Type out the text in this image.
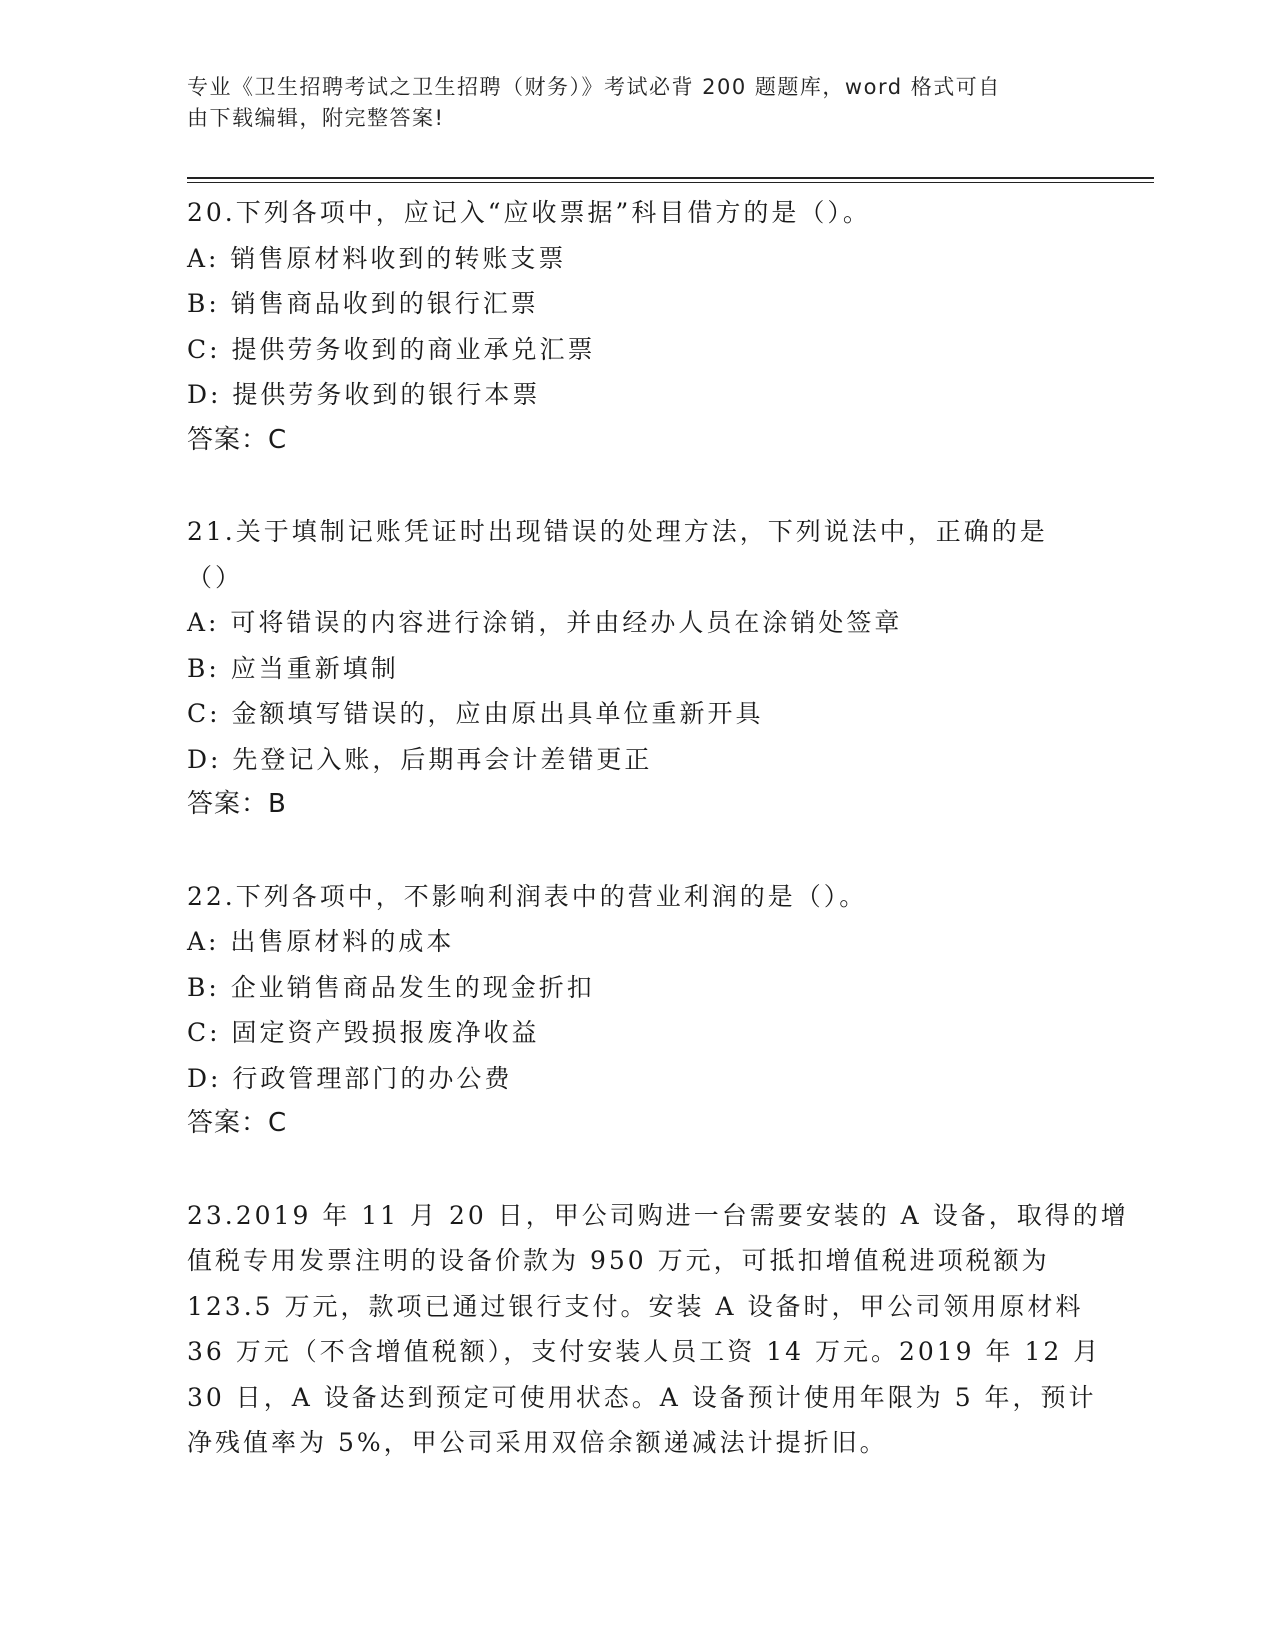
专业《卫生招聘考试之卫生招聘（财务）》考试必背 200 题题库，word 格式可自
由下载编辑，附完整答案!
20.下列各项中，应记入“应收票据”科目借方的是（）。
A: 销售原材料收到的转账支票
B: 销售商品收到的银行汇票
C: 提供劳务收到的商业承兑汇票
D: 提供劳务收到的银行本票
答案：C
21.关于填制记账凭证时出现错误的处理方法，下列说法中，正确的是
（）
A: 可将错误的内容进行涂销，并由经办人员在涂销处签章
B: 应当重新填制
C: 金额填写错误的，应由原出具单位重新开具
D: 先登记入账，后期再会计差错更正
答案：B
22.下列各项中，不影响利润表中的营业利润的是（）。
A: 出售原材料的成本
B: 企业销售商品发生的现金折扣
C: 固定资产毁损报废净收益
D: 行政管理部门的办公费
答案：C
23.2019 年 11 月 20 日，甲公司购进一台需要安装的 A 设备，取得的增
值税专用发票注明的设备价款为 950 万元，可抵扣增值税进项税额为
123.5 万元，款项已通过银行支付。安装 A 设备时，甲公司领用原材料
36 万元（不含增值税额），支付安装人员工资 14 万元。2019 年 12 月
30 日，A 设备达到预定可使用状态。A 设备预计使用年限为 5 年，预计
净残值率为 5%，甲公司采用双倍余额递减法计提折旧。
